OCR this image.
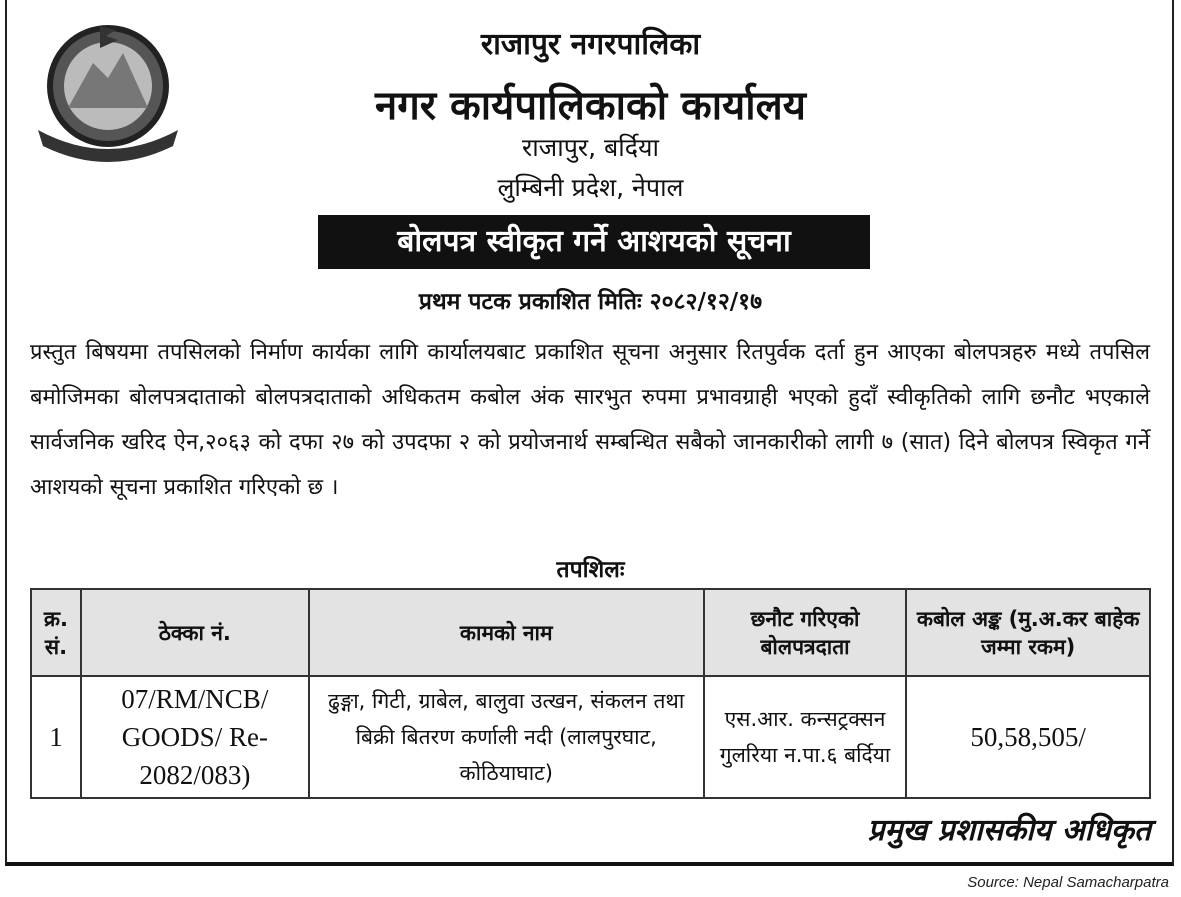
राजापुर नगरपालिका
नगर कार्यपालिकाको कार्यालय
राजापुर, बर्दिया
लुम्बिनी प्रदेश, नेपाल
बोलपत्र स्वीकृत गर्ने आशयको सूचना
प्रथम पटक प्रकाशित मितिः २०८२/१२/१७
प्रस्तुत बिषयमा तपसिलको निर्माण कार्यका लागि कार्यालयबाट प्रकाशित सूचना अनुसार रितपुर्वक दर्ता हुन आएका बोलपत्रहरु मध्ये तपसिल बमोजिमका बोलपत्रदाताको बोलपत्रदाताको अधिकतम कबोल अंक सारभुत रुपमा प्रभावग्राही भएको हुदाँ स्वीकृतिको लागि छनौट भएकाले सार्वजनिक खरिद ऐन,२०६३ को दफा २७ को उपदफा २ को प्रयोजनार्थ सम्बन्धित सबैको जानकारीको लागी ७ (सात) दिने बोलपत्र स्विकृत गर्ने आशयको सूचना प्रकाशित गरिएको छ ।
तपशिलः
क्र. सं.	ठेक्का नं.	कामको नाम	छनौट गरिएको बोलपत्रदाता	कबोल अङ्क (मु.अ.कर बाहेक जम्मा रकम)
1	07/RM/NCB/ GOODS/ Re-2082/083)	ढुङ्गा, गिटी, ग्राबेल, बालुवा उत्खन, संकलन तथा बिक्री बितरण कर्णाली नदी (लालपुरघाट, कोठियाघाट)	एस.आर. कन्सट्रक्सन गुलरिया न.पा.६ बर्दिया	50,58,505/
प्रमुख प्रशासकीय अधिकृत
Source: Nepal Samacharpatra
